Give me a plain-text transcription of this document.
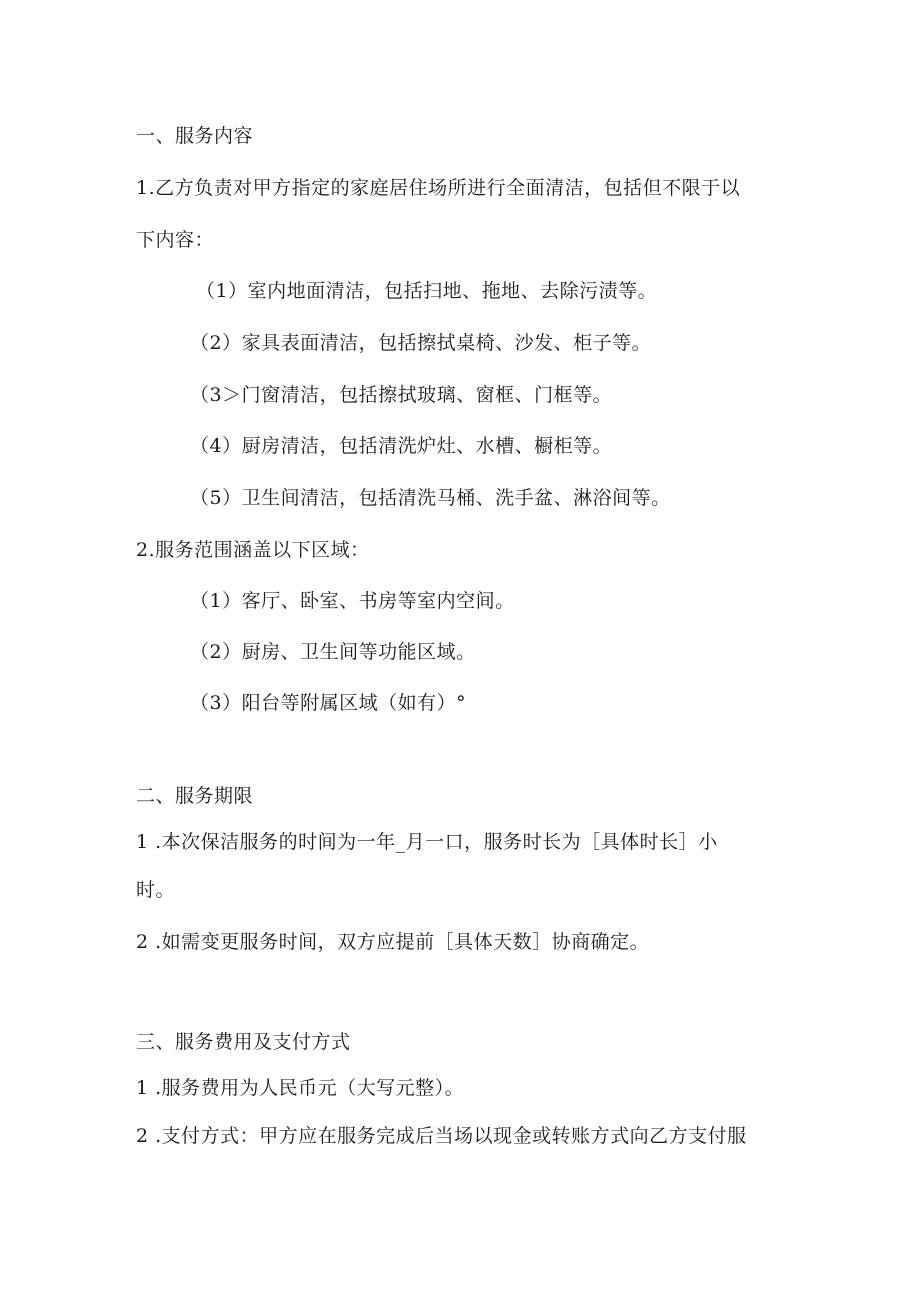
一、服务内容
1.乙方负责对甲方指定的家庭居住场所进行全面清洁，包括但不限于以
下内容：
（1）室内地面清洁，包括扫地、拖地、去除污渍等。
（2）家具表面清洁，包括擦拭桌椅、沙发、柜子等。
（3＞门窗清洁，包括擦拭玻璃、窗框、门框等。
（4）厨房清洁，包括清洗炉灶、水槽、橱柜等。
（5）卫生间清洁，包括清洗马桶、洗手盆、淋浴间等。
2.服务范围涵盖以下区域：
（1）客厅、卧室、书房等室内空间。
（2）厨房、卫生间等功能区域。
（3）阳台等附属区域（如有）°
二、服务期限
1 .本次保洁服务的时间为一年_月一口，服务时长为［具体时长］小
时。
2 .如需变更服务时间，双方应提前［具体天数］协商确定。
三、服务费用及支付方式
1 .服务费用为人民币元（大写元整）。
2 .支付方式：甲方应在服务完成后当场以现金或转账方式向乙方支付服
